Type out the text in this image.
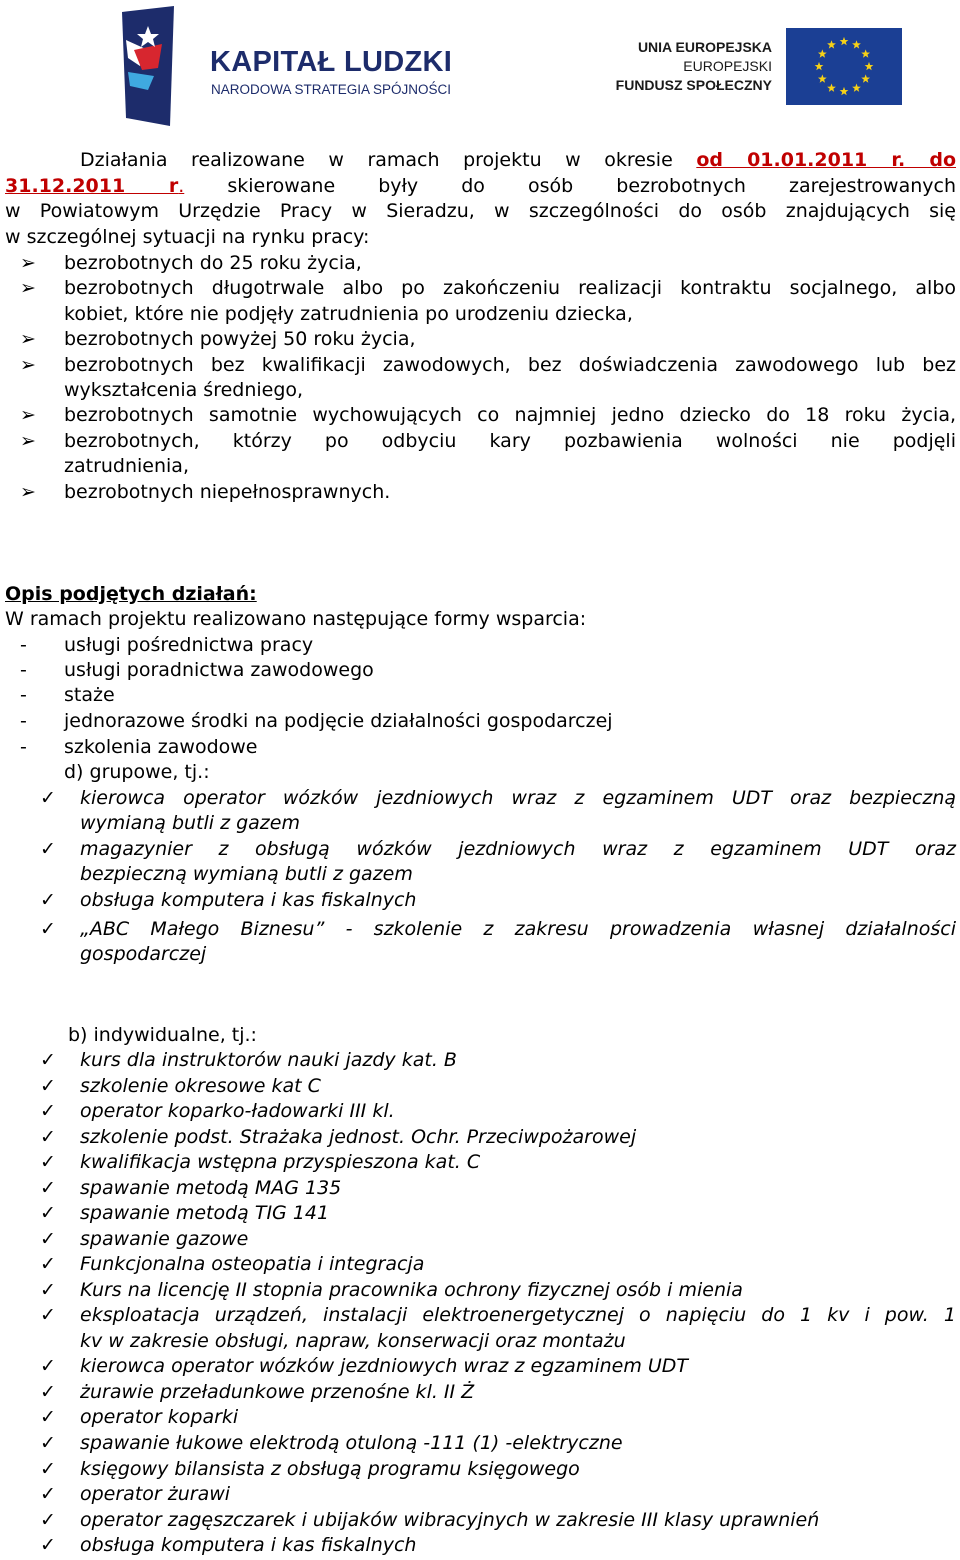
KAPITAŁ LUDZKI
NARODOWA STRATEGIA SPÓJNOŚCI
UNIA EUROPEJSKA
EUROPEJSKI
FUNDUSZ SPOŁECZNY
Działania realizowane w ramach projektu w okresie od 01.01.2011 r. do
31.12.2011 r. skierowane były do osób bezrobotnych zarejestrowanych
w Powiatowym Urzędzie Pracy w Sieradzu, w szczególności do osób znajdujących się
w szczególnej sytuacji na rynku pracy:
➢ bezrobotnych do 25 roku życia,
➢ bezrobotnych długotrwale albo po zakończeniu realizacji kontraktu socjalnego, albo
kobiet, które nie podjęły zatrudnienia po urodzeniu dziecka,
➢ bezrobotnych powyżej 50 roku życia,
➢ bezrobotnych bez kwalifikacji zawodowych, bez doświadczenia zawodowego lub bez
wykształcenia średniego,
➢ bezrobotnych samotnie wychowujących co najmniej jedno dziecko do 18 roku życia,
➢ bezrobotnych, którzy po odbyciu kary pozbawienia wolności nie podjęli
zatrudnienia,
➢ bezrobotnych niepełnosprawnych.
Opis podjętych działań:
W ramach projektu realizowano następujące formy wsparcia:
- usługi pośrednictwa pracy
- usługi poradnictwa zawodowego
- staże
- jednorazowe środki na podjęcie działalności gospodarczej
- szkolenia zawodowe
d) grupowe, tj.:
✓ kierowca operator wózków jezdniowych wraz z egzaminem UDT oraz bezpieczną
wymianą butli z gazem
✓ magazynier z obsługą wózków jezdniowych wraz z egzaminem UDT oraz
bezpieczną wymianą butli z gazem
✓ obsługa komputera i kas fiskalnych
✓ „ABC Małego Biznesu” - szkolenie z zakresu prowadzenia własnej działalności
gospodarczej
b) indywidualne, tj.:
✓ kurs dla instruktorów nauki jazdy kat. B
✓ szkolenie okresowe kat C
✓ operator koparko-ładowarki III kl.
✓ szkolenie podst. Strażaka jednost. Ochr. Przeciwpożarowej
✓ kwalifikacja wstępna przyspieszona kat. C
✓ spawanie metodą MAG 135
✓ spawanie metodą TIG 141
✓ spawanie gazowe
✓ Funkcjonalna osteopatia i integracja
✓ Kurs na licencję II stopnia pracownika ochrony fizycznej osób i mienia
✓ eksploatacja urządzeń, instalacji elektroenergetycznej o napięciu do 1 kv i pow. 1
kv w zakresie obsługi, napraw, konserwacji oraz montażu
✓ kierowca operator wózków jezdniowych wraz z egzaminem UDT
✓ żurawie przeładunkowe przenośne kl. II Ż
✓ operator koparki
✓ spawanie łukowe elektrodą otuloną -111 (1) -elektryczne
✓ księgowy bilansista z obsługą programu księgowego
✓ operator żurawi
✓ operator zagęszczarek i ubijaków wibracyjnych w zakresie III klasy uprawnień
✓ obsługa komputera i kas fiskalnych
